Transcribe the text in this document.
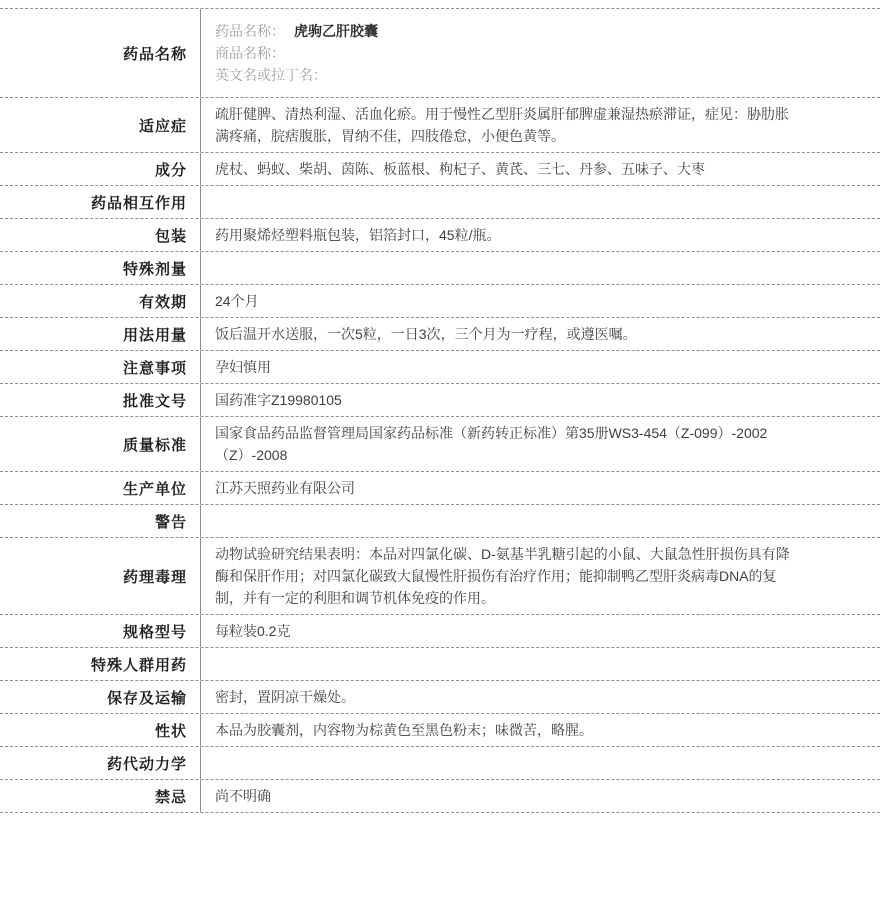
药品名称
药品名称： 虎驹乙肝胶囊
商品名称：
英文名或拉丁名：
适应症
疏肝健脾、清热利湿、活血化瘀。用于慢性乙型肝炎属肝郁脾虚兼湿热瘀滞证，症见：胁肋胀满疼痛，脘痞腹胀，胃纳不佳，四肢倦怠，小便色黄等。
成分 虎杖、蚂蚁、柴胡、茵陈、板蓝根、枸杞子、黄芪、三七、丹参、五味子、大枣
药品相互作用
包装 药用聚烯烃塑料瓶包装，铝箔封口，45粒/瓶。
特殊剂量
有效期 24个月
用法用量 饭后温开水送服，一次5粒，一日3次，三个月为一疗程，或遵医嘱。
注意事项 孕妇慎用
批准文号 国药准字Z19980105
质量标准
国家食品药品监督管理局国家药品标准（新药转正标准）第35册WS3-454（Z-099）-2002（Z）-2008
生产单位 江苏天照药业有限公司
警告
药理毒理
动物试验研究结果表明：本品对四氯化碳、D-氨基半乳糖引起的小鼠、大鼠急性肝损伤具有降酶和保肝作用；对四氯化碳致大鼠慢性肝损伤有治疗作用；能抑制鸭乙型肝炎病毒DNA的复制，并有一定的利胆和调节机体免疫的作用。
规格型号 每粒装0.2克
特殊人群用药
保存及运输 密封，置阴凉干燥处。
性状 本品为胶囊剂，内容物为棕黄色至黑色粉末；味微苦，略腥。
药代动力学
禁忌 尚不明确
